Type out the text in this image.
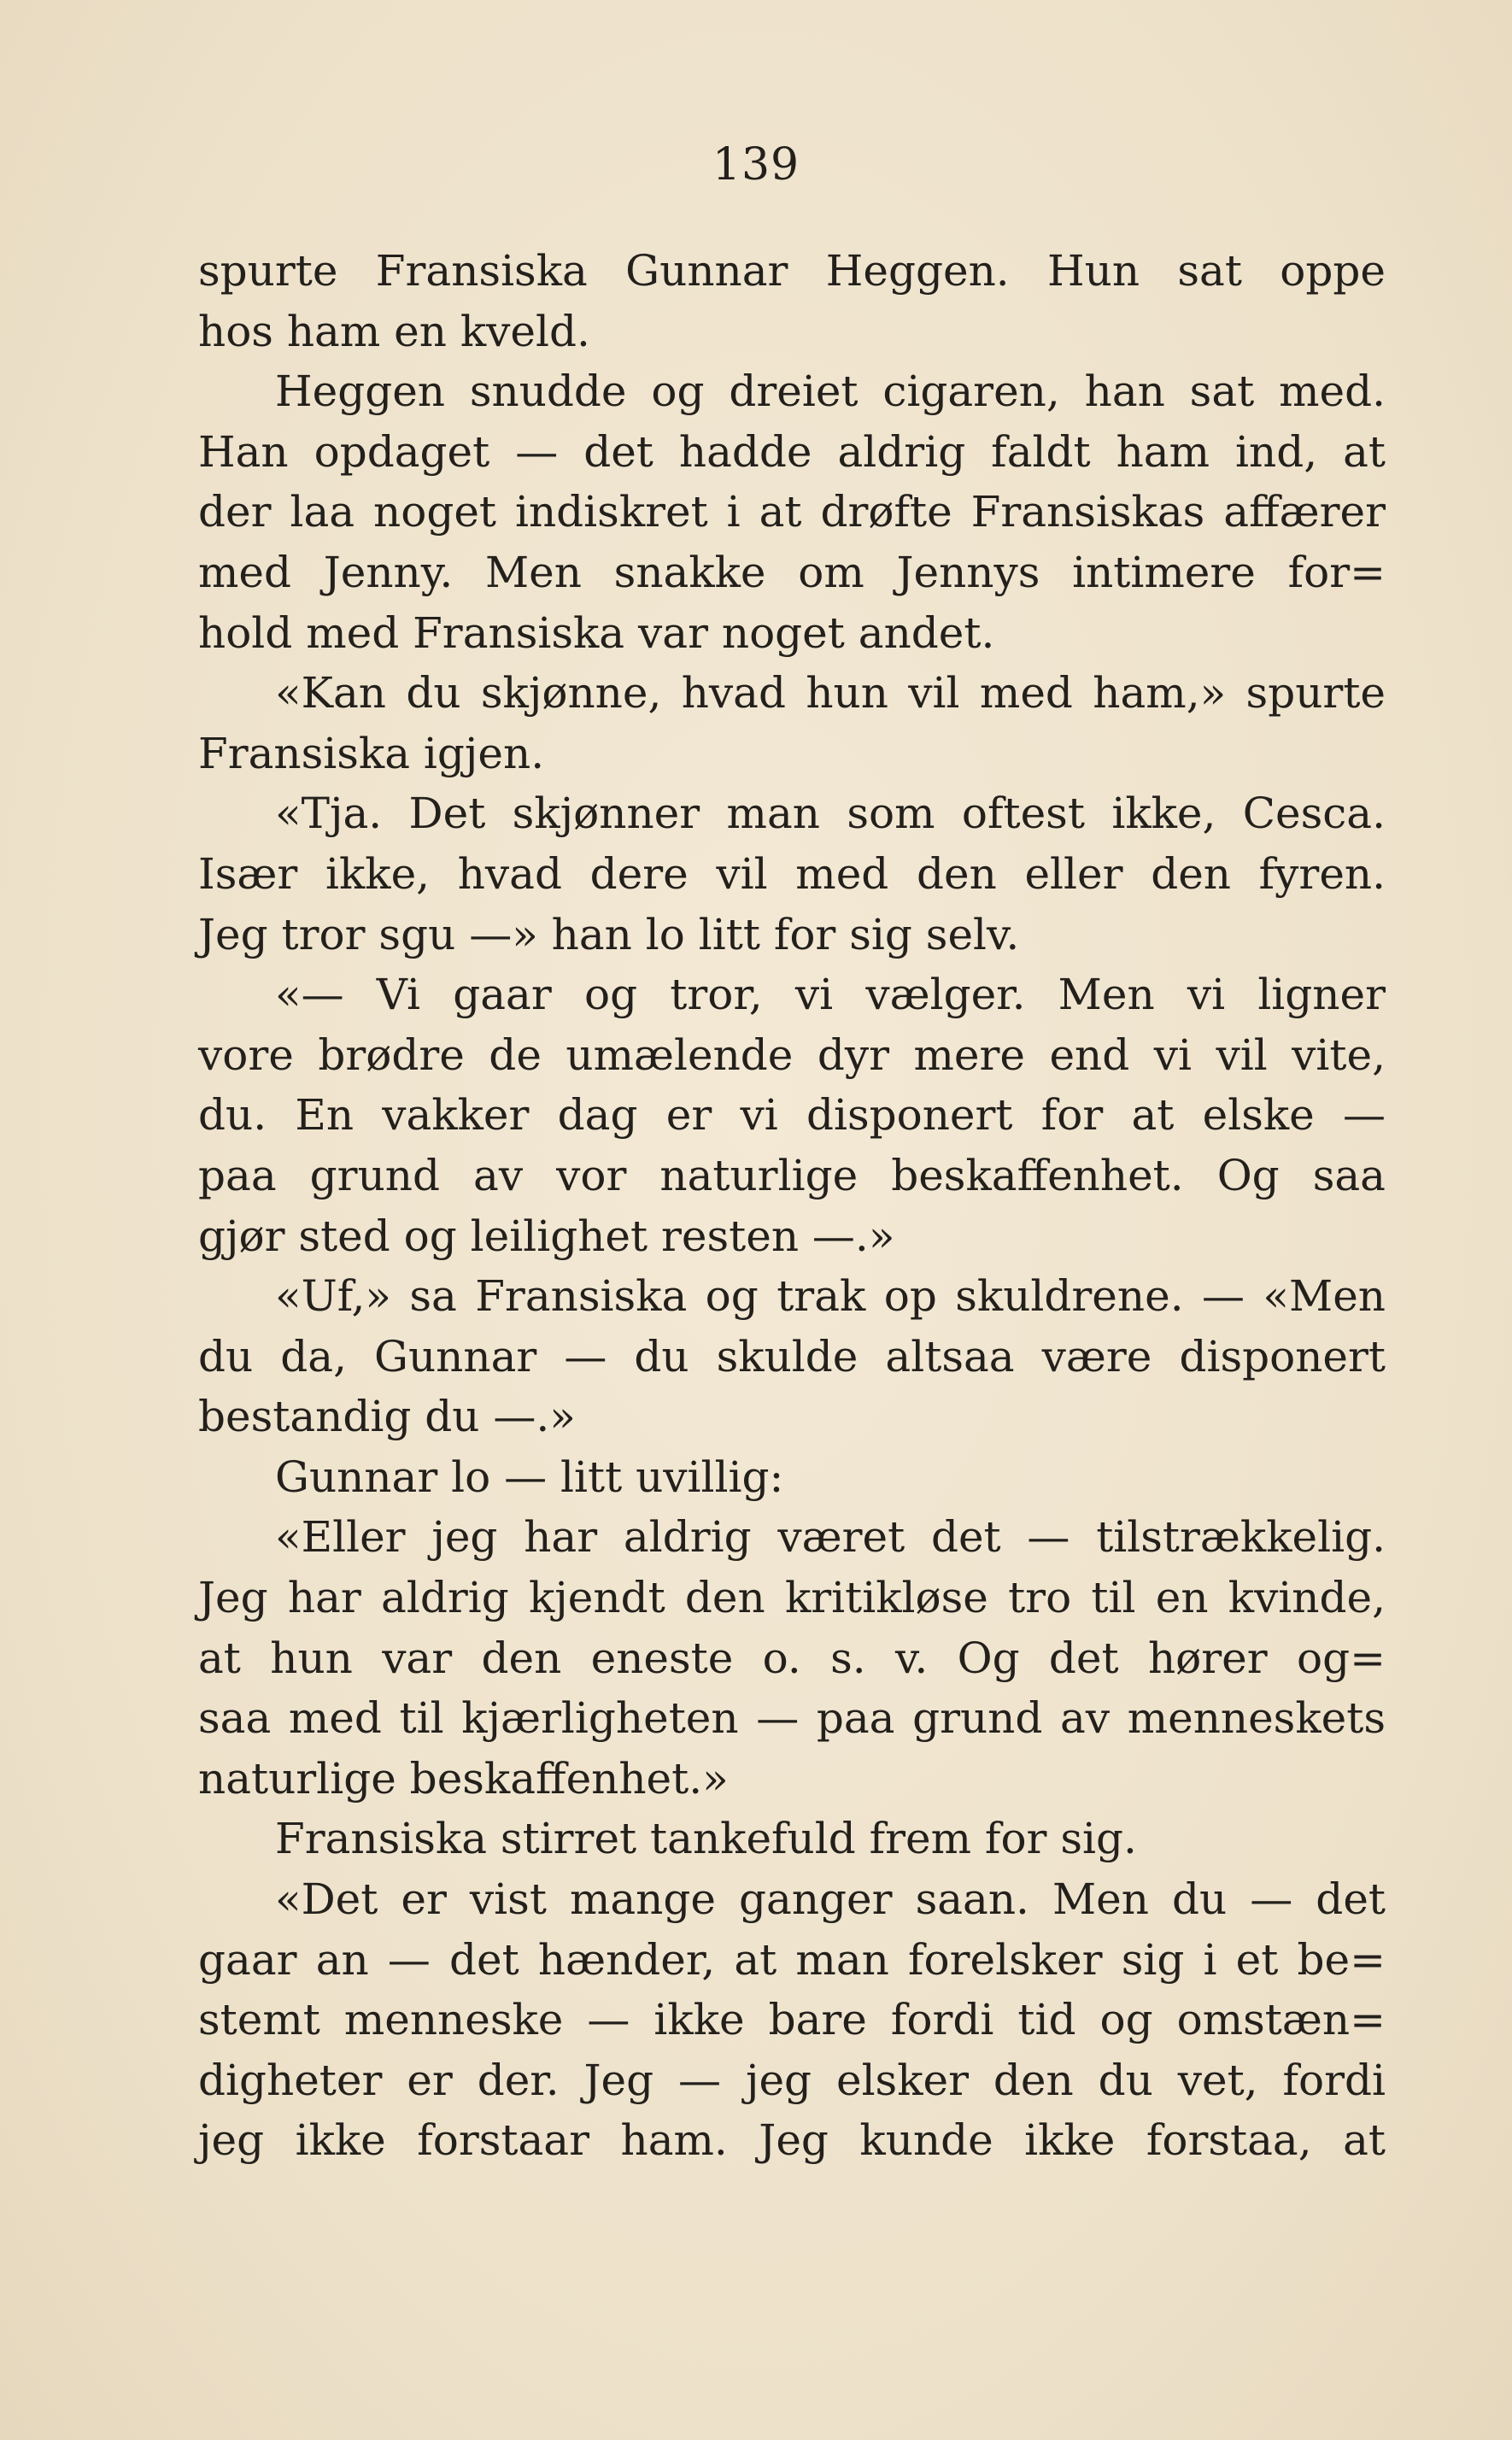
139
spurte Fransiska Gunnar Heggen. Hun sat oppe
hos ham en kveld.
Heggen snudde og dreiet cigaren, han sat med.
Han opdaget — det hadde aldrig faldt ham ind, at
der laa noget indiskret i at drøfte Fransiskas affærer
med Jenny. Men snakke om Jennys intimere for=
hold med Fransiska var noget andet.
«Kan du skjønne, hvad hun vil med ham,» spurte
Fransiska igjen.
«Tja. Det skjønner man som oftest ikke, Cesca.
Især ikke, hvad dere vil med den eller den fyren.
Jeg tror sgu —» han lo litt for sig selv.
«— Vi gaar og tror, vi vælger. Men vi ligner
vore brødre de umælende dyr mere end vi vil vite,
du. En vakker dag er vi disponert for at elske —
paa grund av vor naturlige beskaffenhet. Og saa
gjør sted og leilighet resten —.»
«Uf,» sa Fransiska og trak op skuldrene. — «Men
du da, Gunnar — du skulde altsaa være disponert
bestandig du —.»
Gunnar lo — litt uvillig:
«Eller jeg har aldrig været det — tilstrækkelig.
Jeg har aldrig kjendt den kritikløse tro til en kvinde,
at hun var den eneste o. s. v. Og det hører og=
saa med til kjærligheten — paa grund av menneskets
naturlige beskaffenhet.»
Fransiska stirret tankefuld frem for sig.
«Det er vist mange ganger saan. Men du — det
gaar an — det hænder, at man forelsker sig i et be=
stemt menneske — ikke bare fordi tid og omstæn=
digheter er der. Jeg — jeg elsker den du vet, fordi
jeg ikke forstaar ham. Jeg kunde ikke forstaa, at
